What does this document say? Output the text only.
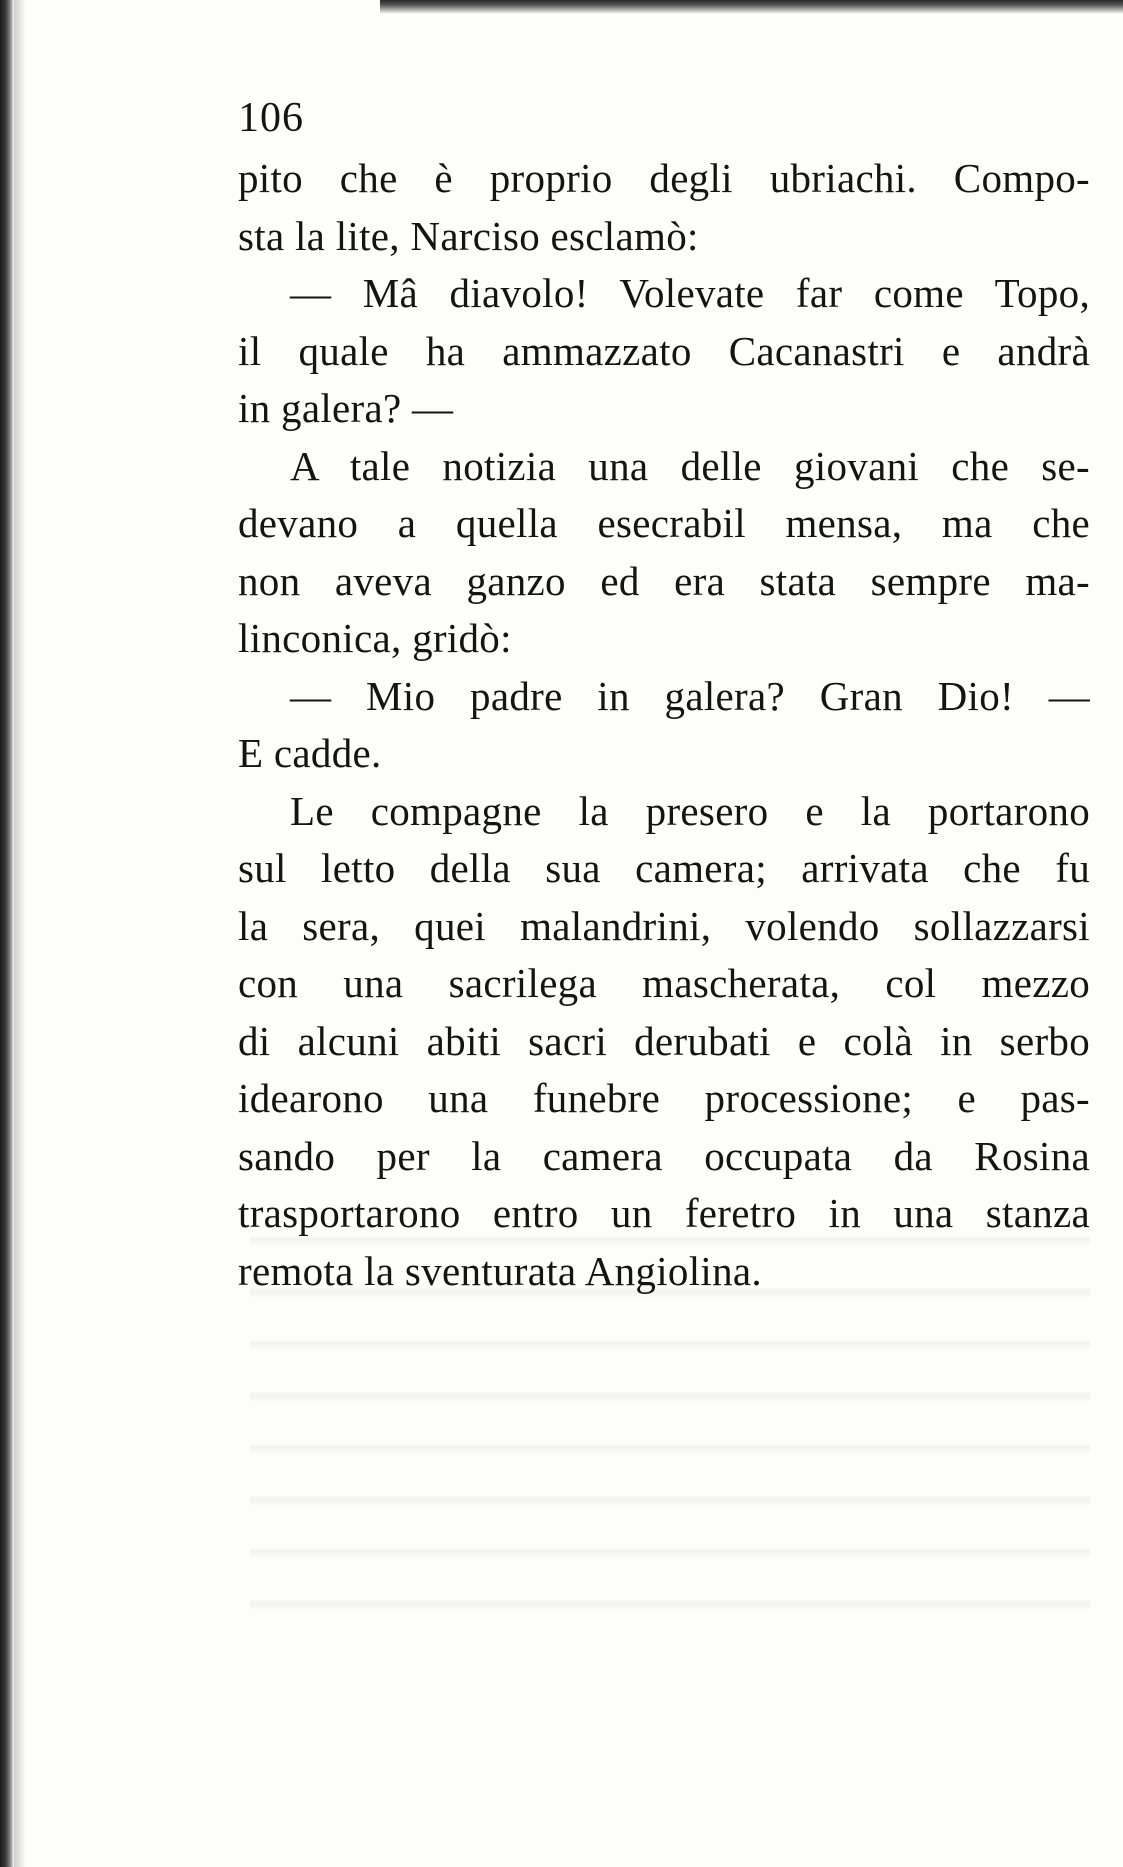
106
pito che è proprio degli ubriachi. Compo-
sta la lite, Narciso esclamò:
— Mâ diavolo! Volevate far come Topo,
il quale ha ammazzato Cacanastri e andrà
in galera? —
A tale notizia una delle giovani che se-
devano a quella esecrabil mensa, ma che
non aveva ganzo ed era stata sempre ma-
linconica, gridò:
— Mio padre in galera? Gran Dio! —
E cadde.
Le compagne la presero e la portarono
sul letto della sua camera; arrivata che fu
la sera, quei malandrini, volendo sollazzarsi
con una sacrilega mascherata, col mezzo
di alcuni abiti sacri derubati e colà in serbo
idearono una funebre processione; e pas-
sando per la camera occupata da Rosina
trasportarono entro un feretro in una stanza
remota la sventurata Angiolina.
